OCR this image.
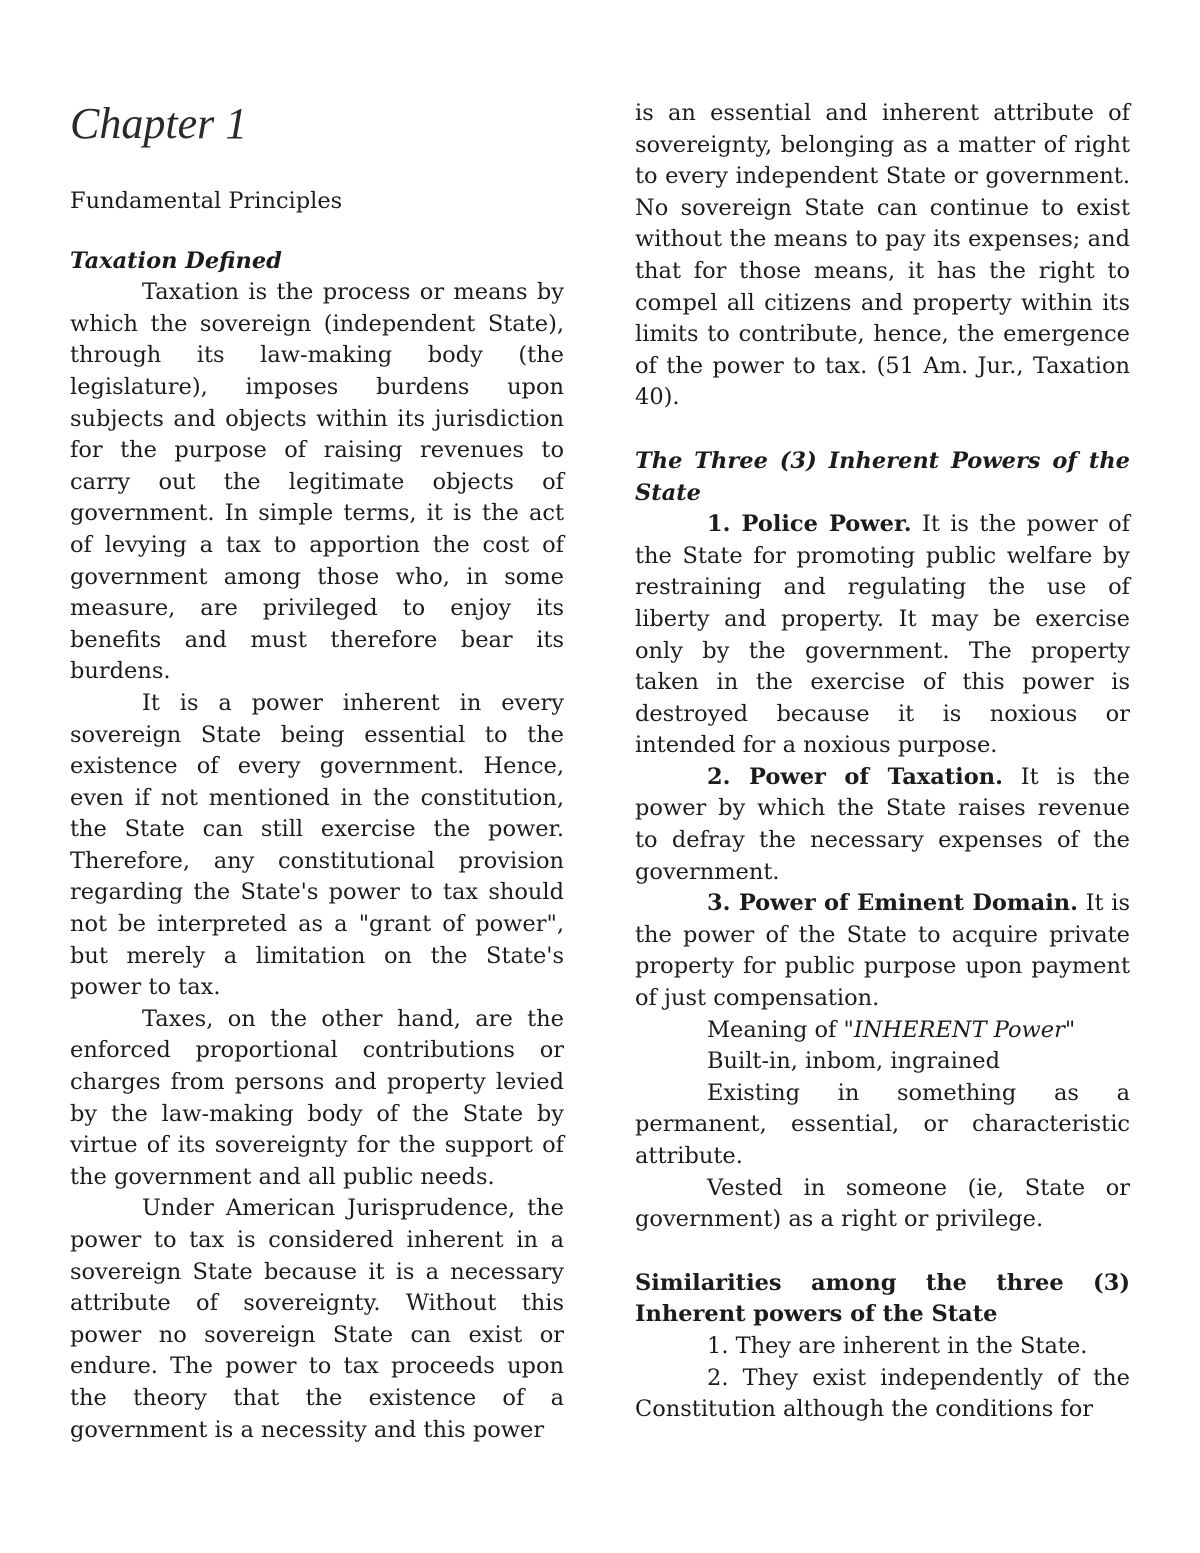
Chapter 1

Fundamental Principles

Taxation Defined

Taxation is the process or means by which the sovereign (independent State), through its law-making body (the legislature), imposes burdens upon subjects and objects within its jurisdiction for the purpose of raising revenues to carry out the legitimate objects of government. In simple terms, it is the act of levying a tax to apportion the cost of government among those who, in some measure, are privileged to enjoy its benefits and must therefore bear its burdens.

It is a power inherent in every sovereign State being essential to the existence of every government. Hence, even if not mentioned in the constitution, the State can still exercise the power. Therefore, any constitutional provision regarding the State's power to tax should not be interpreted as a "grant of power", but merely a limitation on the State's power to tax.

Taxes, on the other hand, are the enforced proportional contributions or charges from persons and property levied by the law-making body of the State by virtue of its sovereignty for the support of the government and all public needs.

Under American Jurisprudence, the power to tax is considered inherent in a sovereign State because it is a necessary attribute of sovereignty. Without this power no sovereign State can exist or endure. The power to tax proceeds upon the theory that the existence of a government is a necessity and this power

is an essential and inherent attribute of sovereignty, belonging as a matter of right to every independent State or government. No sovereign State can continue to exist without the means to pay its expenses; and that for those means, it has the right to compel all citizens and property within its limits to contribute, hence, the emergence of the power to tax. (51 Am. Jur., Taxation 40).

The Three (3) Inherent Powers of the State

1. Police Power. It is the power of the State for promoting public welfare by restraining and regulating the use of liberty and property. It may be exercise only by the government. The property taken in the exercise of this power is destroyed because it is noxious or intended for a noxious purpose.

2. Power of Taxation. It is the power by which the State raises revenue to defray the necessary expenses of the government.

3. Power of Eminent Domain. It is the power of the State to acquire private property for public purpose upon payment of just compensation.

Meaning of "INHERENT Power"

Built-in, inbom, ingrained

Existing in something as a permanent, essential, or characteristic attribute.

Vested in someone (ie, State or government) as a right or privilege.

Similarities among the three (3) Inherent powers of the State

1. They are inherent in the State.

2. They exist independently of the Constitution although the conditions for
